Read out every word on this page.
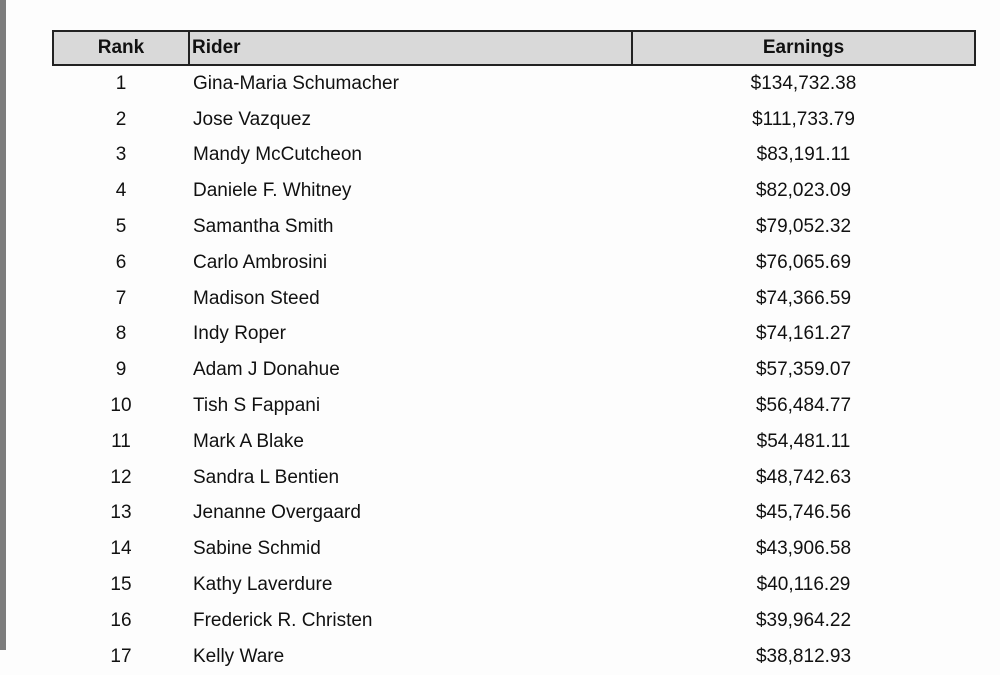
Rank	Rider	Earnings
1	Gina-Maria Schumacher	$134,732.38
2	Jose Vazquez	$111,733.79
3	Mandy McCutcheon	$83,191.11
4	Daniele F. Whitney	$82,023.09
5	Samantha Smith	$79,052.32
6	Carlo Ambrosini	$76,065.69
7	Madison Steed	$74,366.59
8	Indy Roper	$74,161.27
9	Adam J Donahue	$57,359.07
10	Tish S Fappani	$56,484.77
11	Mark A Blake	$54,481.11
12	Sandra L Bentien	$48,742.63
13	Jenanne Overgaard	$45,746.56
14	Sabine Schmid	$43,906.58
15	Kathy Laverdure	$40,116.29
16	Frederick R. Christen	$39,964.22
17	Kelly Ware	$38,812.93
